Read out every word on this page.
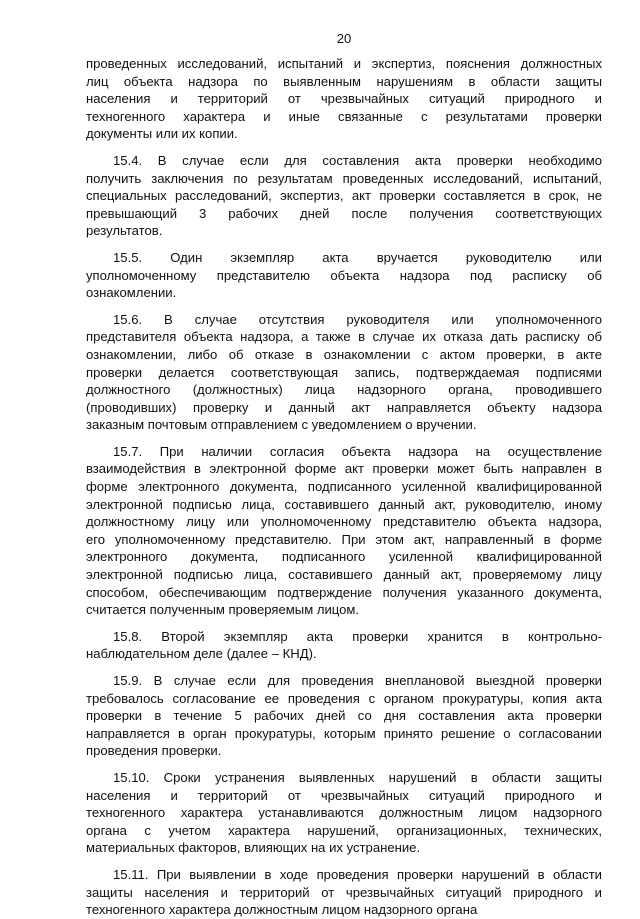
20
проведенных исследований, испытаний и экспертиз, пояснения должностных
лиц объекта надзора по выявленным нарушениям в области защиты
населения и территорий от чрезвычайных ситуаций природного и
техногенного характера и иные связанные с результатами проверки
документы или их копии.
15.4. В случае если для составления акта проверки необходимо
получить заключения по результатам проведенных исследований, испытаний,
специальных расследований, экспертиз, акт проверки составляется в срок, не
превышающий 3 рабочих дней после получения соответствующих
результатов.
15.5. Один экземпляр акта вручается руководителю или
уполномоченному представителю объекта надзора под расписку об
ознакомлении.
15.6. В случае отсутствия руководителя или уполномоченного
представителя объекта надзора, а также в случае их отказа дать расписку об
ознакомлении, либо об отказе в ознакомлении с актом проверки, в акте
проверки делается соответствующая запись, подтверждаемая подписями
должностного (должностных) лица надзорного органа, проводившего
(проводивших) проверку и данный акт направляется объекту надзора
заказным почтовым отправлением с уведомлением о вручении.
15.7. При наличии согласия объекта надзора на осуществление
взаимодействия в электронной форме акт проверки может быть направлен в
форме электронного документа, подписанного усиленной квалифицированной
электронной подписью лица, составившего данный акт, руководителю, иному
должностному лицу или уполномоченному представителю объекта надзора,
его уполномоченному представителю. При этом акт, направленный в форме
электронного документа, подписанного усиленной квалифицированной
электронной подписью лица, составившего данный акт, проверяемому лицу
способом, обеспечивающим подтверждение получения указанного документа,
считается полученным проверяемым лицом.
15.8. Второй экземпляр акта проверки хранится в контрольно-
наблюдательном деле (далее – КНД).
15.9. В случае если для проведения внеплановой выездной проверки
требовалось согласование ее проведения с органом прокуратуры, копия акта
проверки в течение 5 рабочих дней со дня составления акта проверки
направляется в орган прокуратуры, которым принято решение о согласовании
проведения проверки.
15.10. Сроки устранения выявленных нарушений в области защиты
населения и территорий от чрезвычайных ситуаций природного и
техногенного характера устанавливаются должностным лицом надзорного
органа с учетом характера нарушений, организационных, технических,
материальных факторов, влияющих на их устранение.
15.11. При выявлении в ходе проведения проверки нарушений в области
защиты населения и территорий от чрезвычайных ситуаций природного и
техногенного характера должностным лицом надзорного органа
